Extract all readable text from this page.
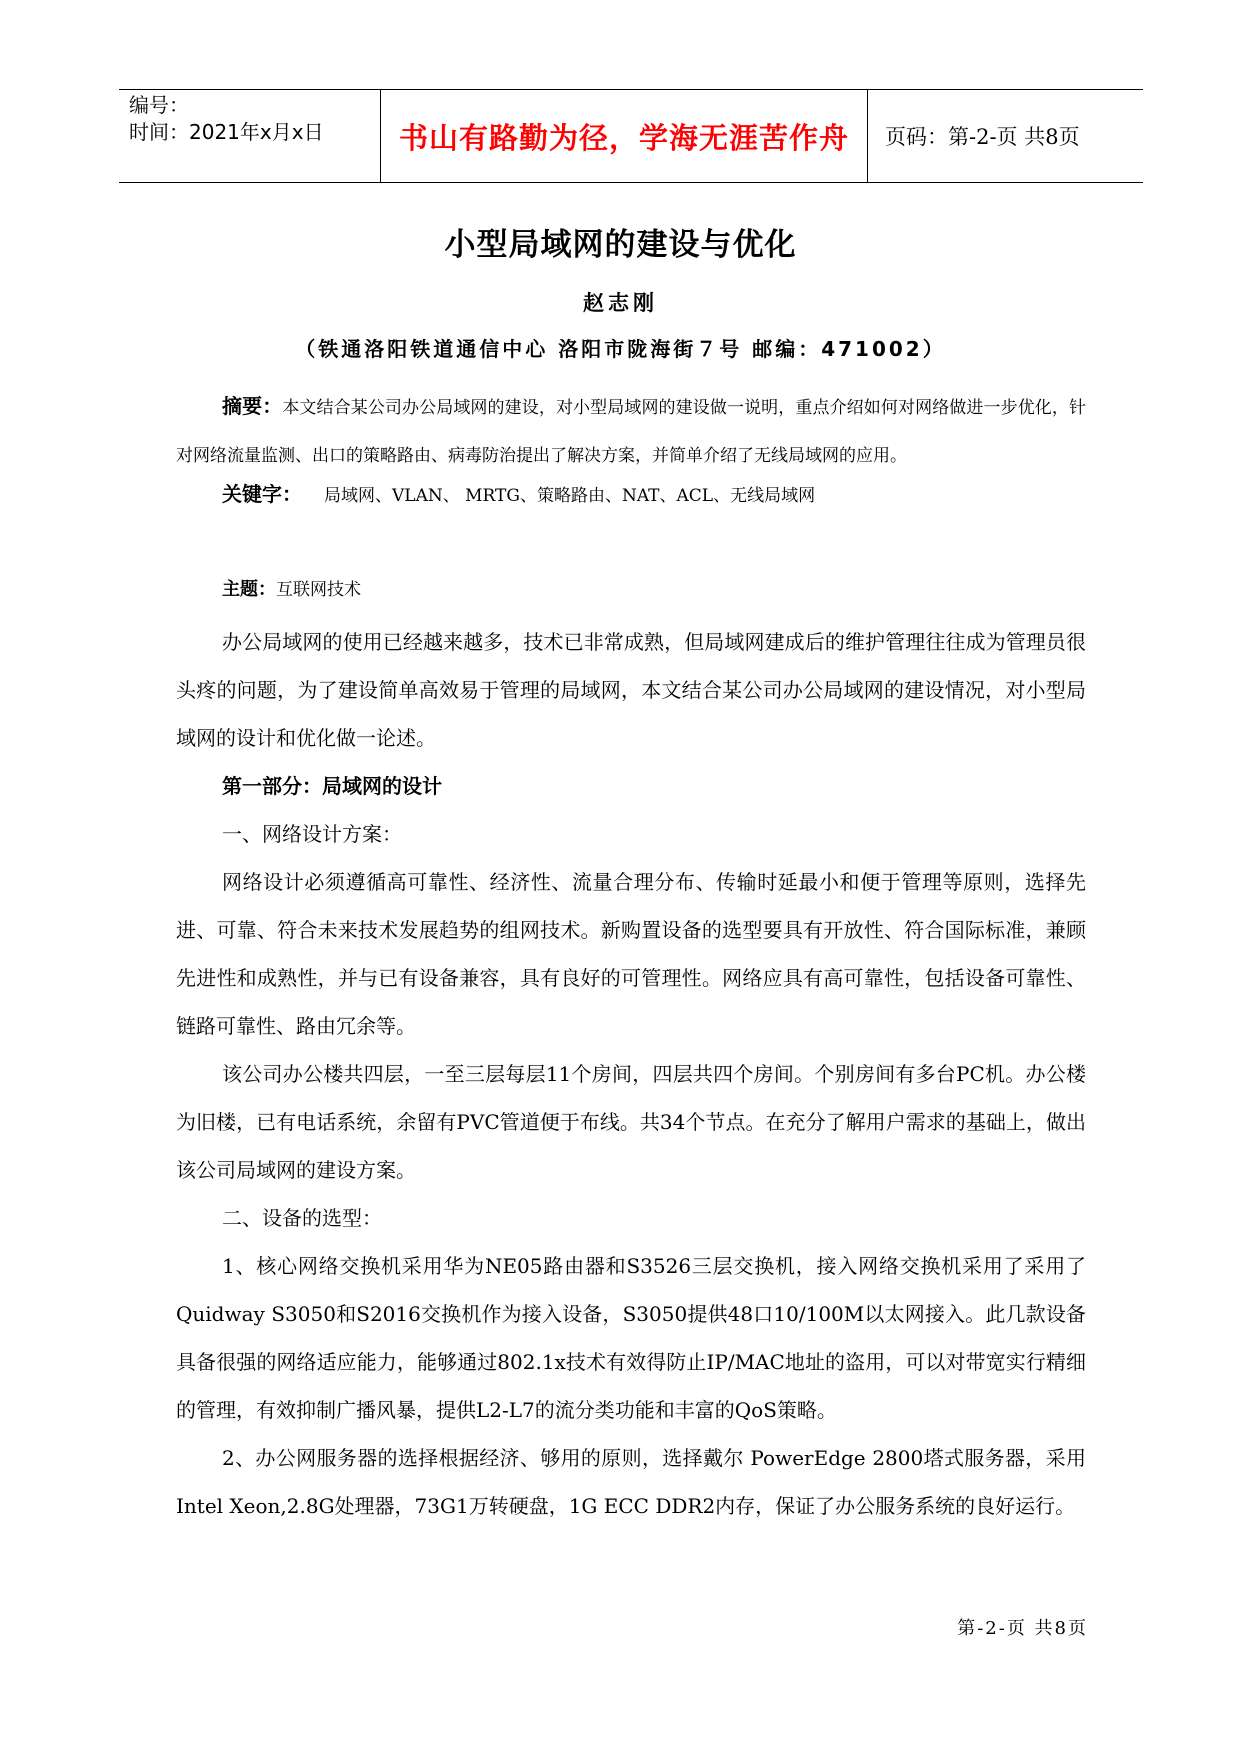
编号：
时间：2021年x月x日	书山有路勤为径，学海无涯苦作舟	页码：第-2-页 共8页
小型局域网的建设与优化
赵志刚
（铁通洛阳铁道通信中心 洛阳市陇海街７号 邮编：471002）
摘要：本文结合某公司办公局域网的建设，对小型局域网的建设做一说明，重点介绍如何对网络做进一步优化，针对网络流量监测、出口的策略路由、病毒防治提出了解决方案，并简单介绍了无线局域网的应用。
关键字： 局域网、VLAN、 MRTG、策略路由、NAT、ACL、无线局域网
主题：互联网技术

办公局域网的使用已经越来越多，技术已非常成熟，但局域网建成后的维护管理往往成为管理员很头疼的问题，为了建设简单高效易于管理的局域网，本文结合某公司办公局域网的建设情况，对小型局域网的设计和优化做一论述。

第一部分：局域网的设计

一、网络设计方案：

网络设计必须遵循高可靠性、经济性、流量合理分布、传输时延最小和便于管理等原则，选择先进、可靠、符合未来技术发展趋势的组网技术。新购置设备的选型要具有开放性、符合国际标准，兼顾先进性和成熟性，并与已有设备兼容，具有良好的可管理性。网络应具有高可靠性，包括设备可靠性、链路可靠性、路由冗余等。

该公司办公楼共四层，一至三层每层11个房间，四层共四个房间。个别房间有多台PC机。办公楼为旧楼，已有电话系统，余留有PVC管道便于布线。共34个节点。在充分了解用户需求的基础上，做出该公司局域网的建设方案。

二、设备的选型：

1、核心网络交换机采用华为NE05路由器和S3526三层交换机，接入网络交换机采用了采用了Quidway S3050和S2016交换机作为接入设备，S3050提供48口10/100M以太网接入。此几款设备具备很强的网络适应能力，能够通过802.1x技术有效得防止IP/MAC地址的盗用，可以对带宽实行精细的管理，有效抑制广播风暴，提供L2-L7的流分类功能和丰富的QoS策略。

2、办公网服务器的选择根据经济、够用的原则，选择戴尔 PowerEdge 2800塔式服务器，采用Intel Xeon,2.8G处理器，73G1万转硬盘，1G ECC DDR2内存，保证了办公服务系统的良好运行。

第-2-页 共8页
